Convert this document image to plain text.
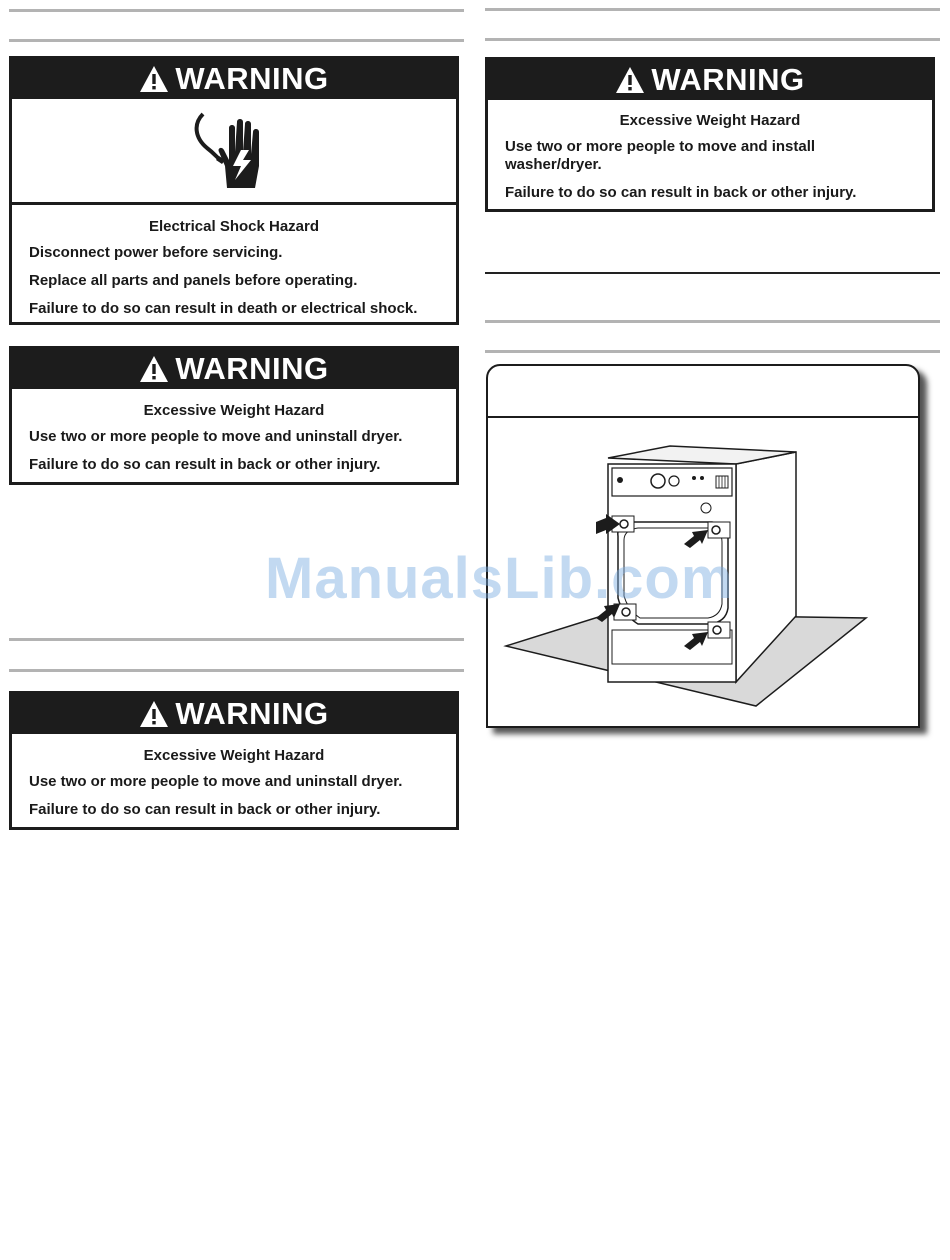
WARNING
Electrical Shock Hazard
Disconnect power before servicing.
Replace all parts and panels before operating.
Failure to do so can result in death or electrical shock.
WARNING
Excessive Weight Hazard
Use two or more people to move and uninstall dryer.
Failure to do so can result in back or other injury.
WARNING
Excessive Weight Hazard
Use two or more people to move and uninstall dryer.
Failure to do so can result in back or other injury.
WARNING
Excessive Weight Hazard
Use two or more people to move and install washer/dryer.
Failure to do so can result in back or other injury.
ManualsLib.com
